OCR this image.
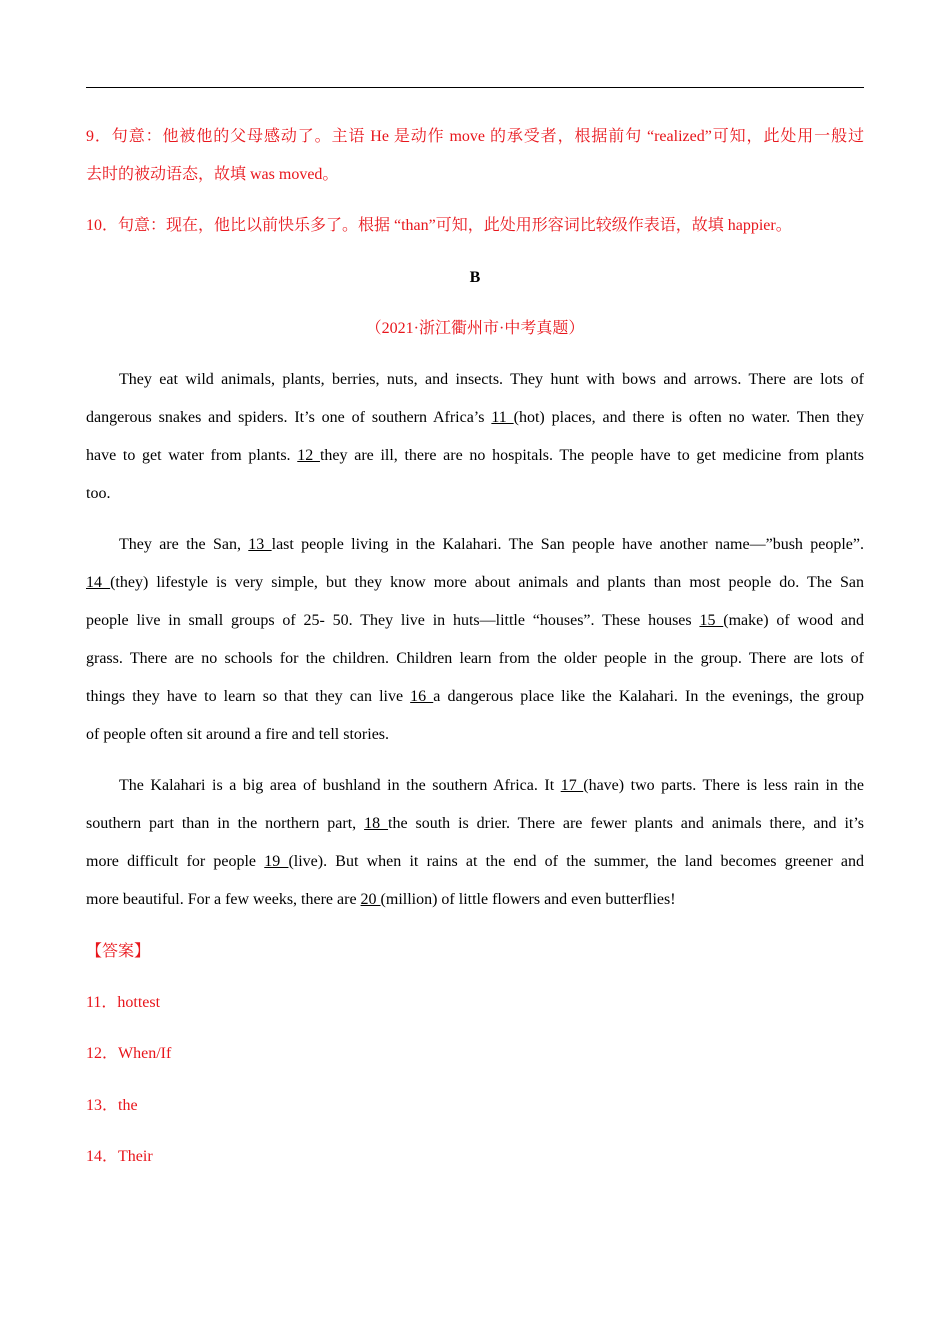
9．句意：他被他的父母感动了。主语 He 是动作 move 的承受者，根据前句 “realized”可知，此处用一般过
去时的被动语态，故填 was moved。
10．句意：现在，他比以前快乐多了。根据 “than”可知，此处用形容词比较级作表语，故填 happier。
B
（2021·浙江衢州市·中考真题）
They eat wild animals, plants, berries, nuts, and insects. They hunt with bows and arrows. There are lots of
dangerous snakes and spiders. It’s one of southern Africa’s 11 (hot) places, and there is often no water. Then they
have to get water from plants. 12 they are ill, there are no hospitals. The people have to get medicine from plants
too.
They are the San, 13 last people living in the Kalahari. The San people have another name—”bush people”.
14 (they) lifestyle is very simple, but they know more about animals and plants than most people do. The San
people live in small groups of 25- 50. They live in huts—little “houses”. These houses 15 (make) of wood and
grass. There are no schools for the children. Children learn from the older people in the group. There are lots of
things they have to learn so that they can live 16 a dangerous place like the Kalahari. In the evenings, the group
of people often sit around a fire and tell stories.
The Kalahari is a big area of bushland in the southern Africa. It 17 (have) two parts. There is less rain in the
southern part than in the northern part, 18 the south is drier. There are fewer plants and animals there, and it’s
more difficult for people 19 (live). But when it rains at the end of the summer, the land becomes greener and
more beautiful. For a few weeks, there are 20 (million) of little flowers and even butterflies!
【答案】
11．hottest
12．When/If
13．the
14．Their
